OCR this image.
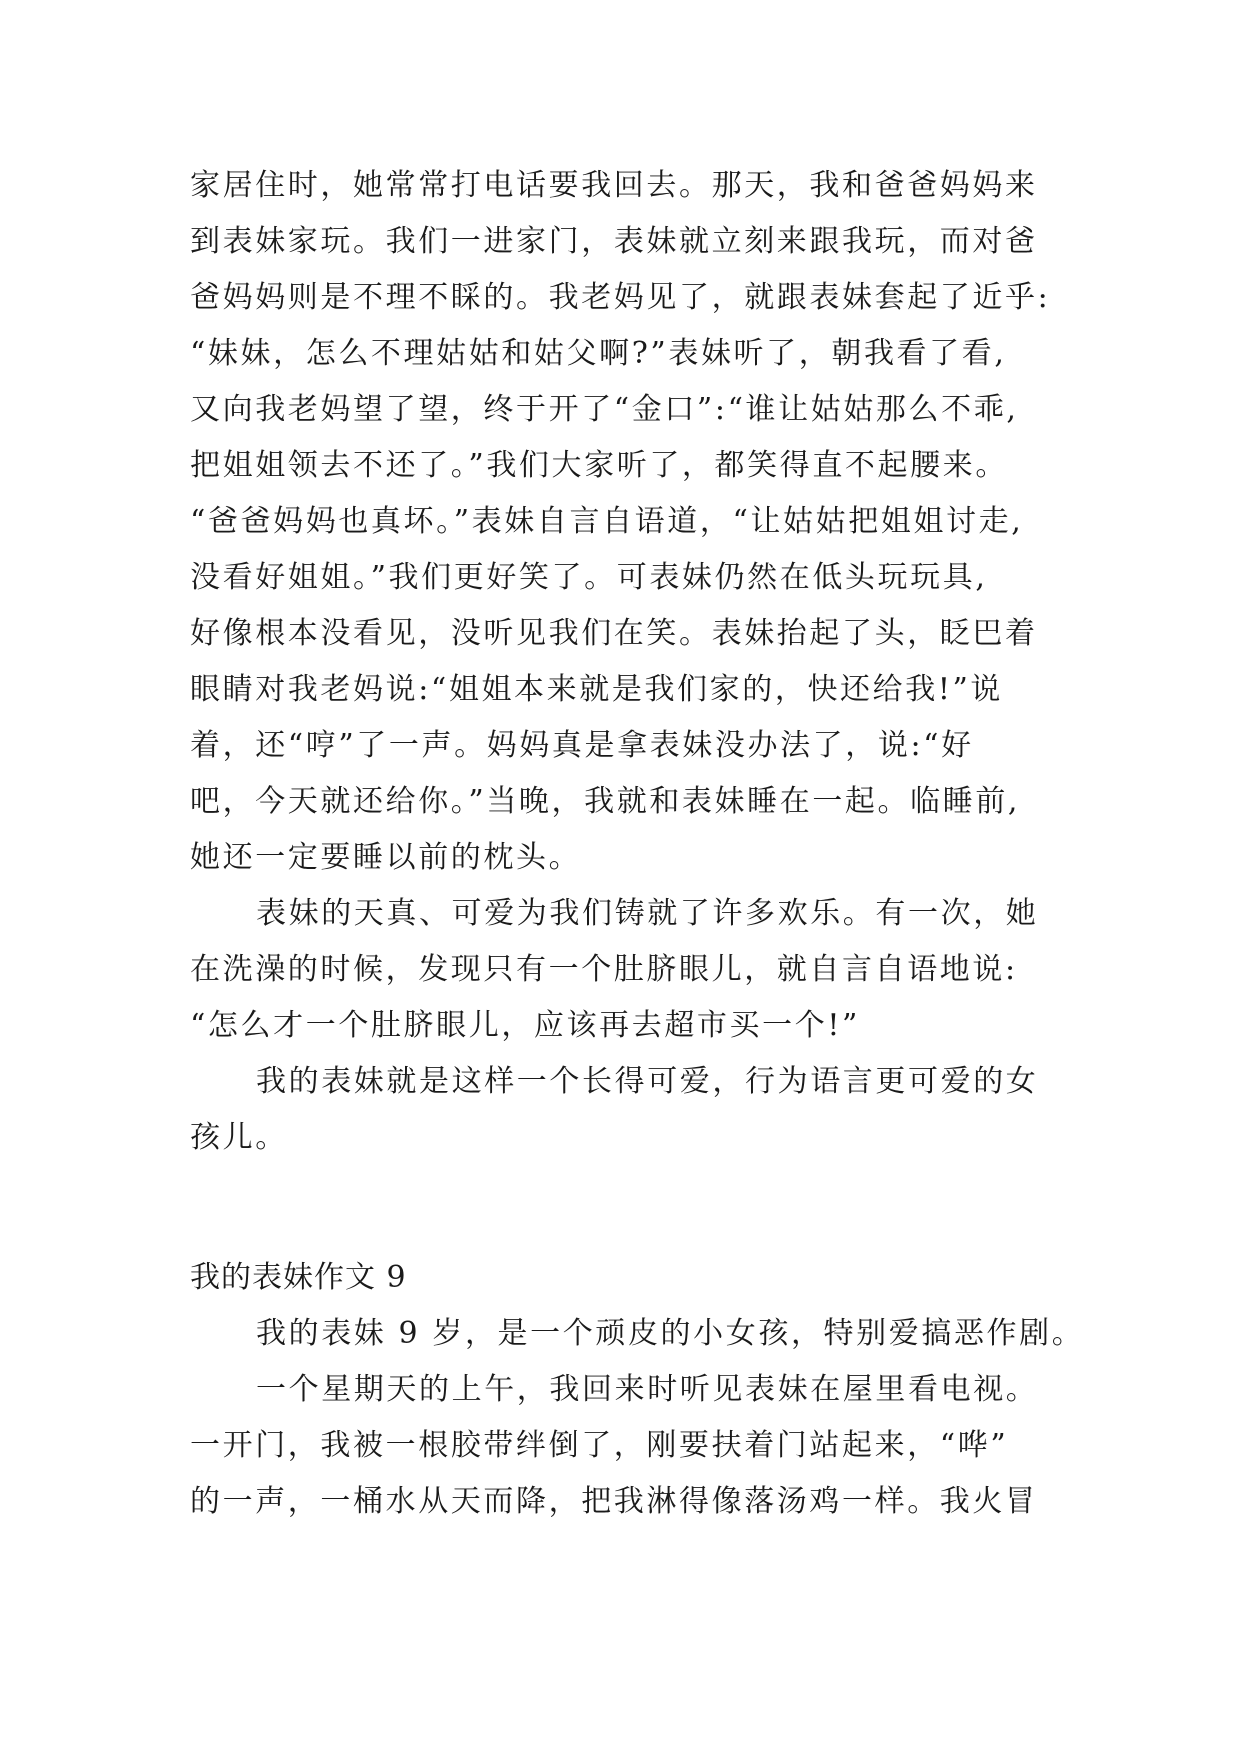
家居住时，她常常打电话要我回去。那天，我和爸爸妈妈来
到表妹家玩。我们一进家门，表妹就立刻来跟我玩，而对爸
爸妈妈则是不理不睬的。我老妈见了，就跟表妹套起了近乎:
“妹妹，怎么不理姑姑和姑父啊?”表妹听了，朝我看了看,
又向我老妈望了望，终于开了“金口”:“谁让姑姑那么不乖,
把姐姐领去不还了。”我们大家听了，都笑得直不起腰来。
“爸爸妈妈也真坏。”表妹自言自语道，“让姑姑把姐姐讨走,
没看好姐姐。”我们更好笑了。可表妹仍然在低头玩玩具,
好像根本没看见，没听见我们在笑。表妹抬起了头，眨巴着
眼睛对我老妈说:“姐姐本来就是我们家的，快还给我!”说
着，还“哼”了一声。妈妈真是拿表妹没办法了，说:“好
吧，今天就还给你。”当晚，我就和表妹睡在一起。临睡前,
她还一定要睡以前的枕头。
表妹的天真、可爱为我们铸就了许多欢乐。有一次，她
在洗澡的时候，发现只有一个肚脐眼儿，就自言自语地说:
“怎么才一个肚脐眼儿，应该再去超市买一个!”
我的表妹就是这样一个长得可爱，行为语言更可爱的女
孩儿。
我的表妹作文 9
我的表妹 9 岁，是一个顽皮的小女孩，特别爱搞恶作剧。
一个星期天的上午，我回来时听见表妹在屋里看电视。
一开门，我被一根胶带绊倒了，刚要扶着门站起来，“哗”
的一声，一桶水从天而降，把我淋得像落汤鸡一样。我火冒
